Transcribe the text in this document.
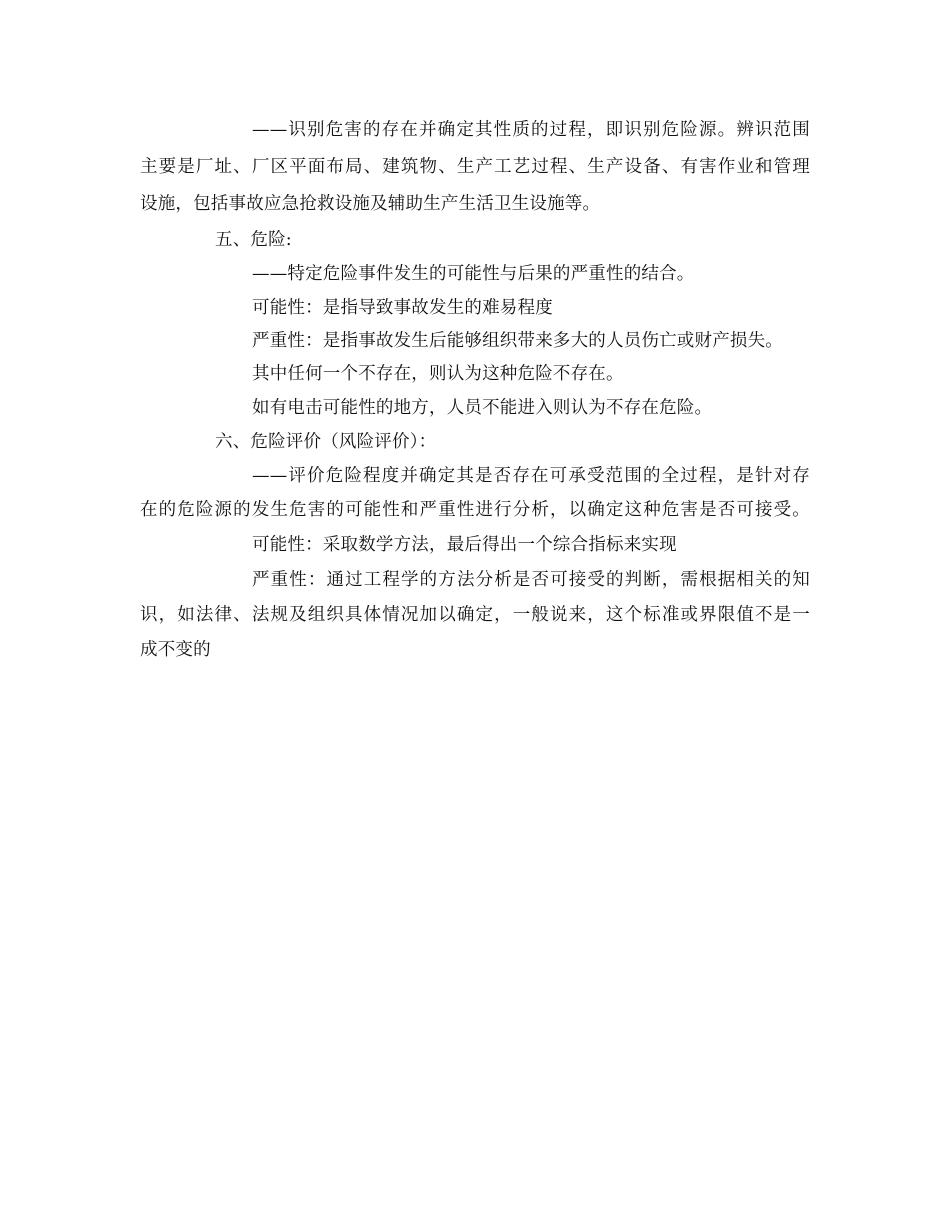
——识别危害的存在并确定其性质的过程，即识别危险源。辨识范围
主要是厂址、厂区平面布局、建筑物、生产工艺过程、生产设备、有害作业和管理
设施，包括事故应急抢救设施及辅助生产生活卫生设施等。
五、危险:
——特定危险事件发生的可能性与后果的严重性的结合。
可能性：是指导致事故发生的难易程度
严重性：是指事故发生后能够组织带来多大的人员伤亡或财产损失。
其中任何一个不存在，则认为这种危险不存在。
如有电击可能性的地方，人员不能进入则认为不存在危险。
六、危险评价（风险评价）：
——评价危险程度并确定其是否存在可承受范围的全过程，是针对存
在的危险源的发生危害的可能性和严重性进行分析，以确定这种危害是否可接受。
可能性：采取数学方法，最后得出一个综合指标来实现
严重性：通过工程学的方法分析是否可接受的判断，需根据相关的知
识，如法律、法规及组织具体情况加以确定，一般说来，这个标准或界限值不是一
成不变的
